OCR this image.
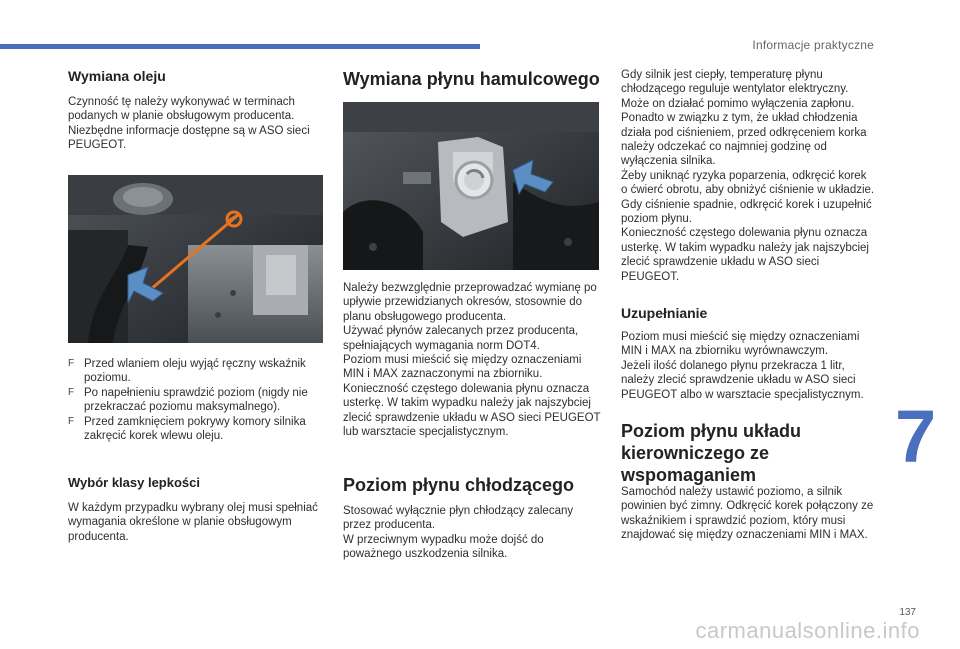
Informacje praktyczne
Wymiana oleju

Czynność tę należy wykonywać w terminach podanych w planie obsługowym producenta.
Niezbędne informacje dostępne są w ASO sieci PEUGEOT.

F Przed wlaniem oleju wyjąć ręczny wskaźnik poziomu.
F Po napełnieniu sprawdzić poziom (nigdy nie przekraczać poziomu maksymalnego).
F Przed zamknięciem pokrywy komory silnika zakręcić korek wlewu oleju.
Wybór klasy lepkości

W każdym przypadku wybrany olej musi spełniać wymagania określone w planie obsługowym producenta.

Wymiana płynu hamulcowego

Należy bezwzględnie przeprowadzać wymianę po upływie przewidzianych okresów, stosownie do planu obsługowego producenta.
Używać płynów zalecanych przez producenta, spełniających wymagania norm DOT4.
Poziom musi mieścić się między oznaczeniami MIN i MAX zaznaczonymi na zbiorniku.
Konieczność częstego dolewania płynu oznacza usterkę. W takim wypadku należy jak najszybciej zlecić sprawdzenie układu w ASO sieci PEUGEOT lub warsztacie specjalistycznym.

Poziom płynu chłodzącego

Stosować wyłącznie płyn chłodzący zalecany przez producenta.
W przeciwnym wypadku może dojść do poważnego uszkodzenia silnika.

Gdy silnik jest ciepły, temperaturę płynu chłodzącego reguluje wentylator elektryczny. Może on działać pomimo wyłączenia zapłonu.
Ponadto w związku z tym, że układ chłodzenia działa pod ciśnieniem, przed odkręceniem korka należy odczekać co najmniej godzinę od wyłączenia silnika.
Żeby uniknąć ryzyka poparzenia, odkręcić korek o ćwierć obrotu, aby obniżyć ciśnienie w układzie. Gdy ciśnienie spadnie, odkręcić korek i uzupełnić poziom płynu.
Konieczność częstego dolewania płynu oznacza usterkę. W takim wypadku należy jak najszybciej zlecić sprawdzenie układu w ASO sieci PEUGEOT.

Uzupełnianie

Poziom musi mieścić się między oznaczeniami MIN i MAX na zbiorniku wyrównawczym.
Jeżeli ilość dolanego płynu przekracza 1 litr, należy zlecić sprawdzenie układu w ASO sieci PEUGEOT albo w warsztacie specjalistycznym.

Poziom płynu układu kierowniczego ze wspomaganiem

Samochód należy ustawić poziomo, a silnik powinien być zimny. Odkręcić korek połączony ze wskaźnikiem i sprawdzić poziom, który musi znajdować się między oznaczeniami MIN i MAX.

7
137
carmanualsonline.info
